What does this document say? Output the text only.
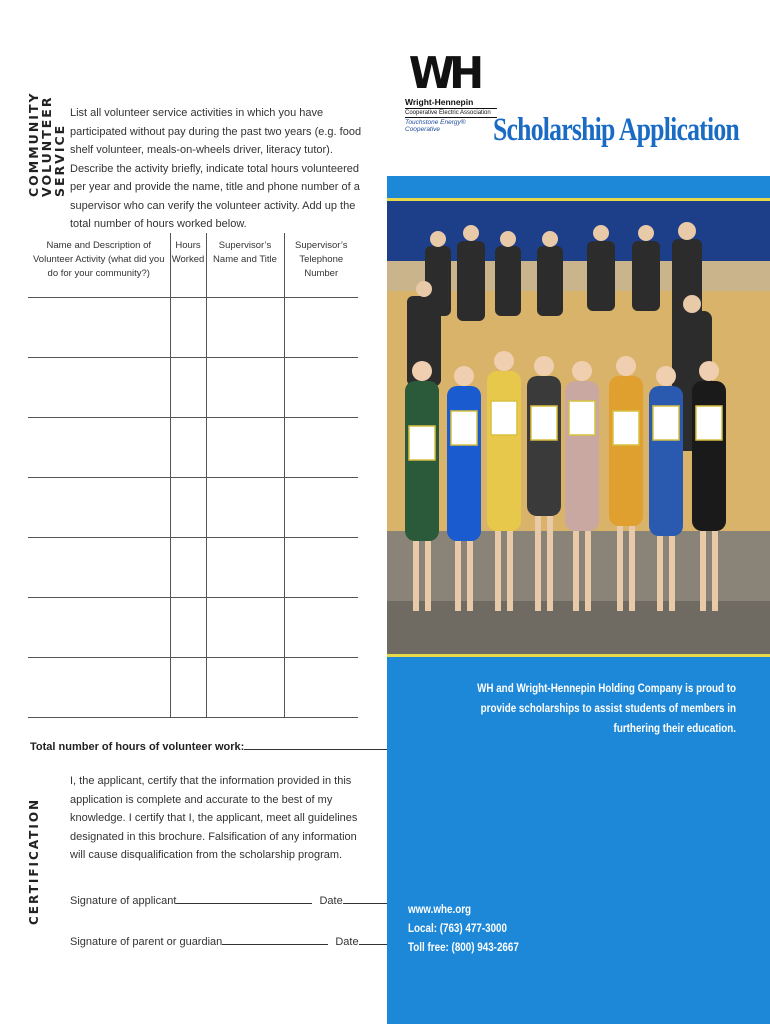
COMMUNITY
VOLUNTEER
SERVICE
List all volunteer service activities in which you have participated without pay during the past two years (e.g. food shelf volunteer, meals-on-wheels driver, literacy tutor). Describe the activity briefly, indicate total hours volunteered per year and provide the name, title and phone number of a supervisor who can verify the volunteer activity. Add up the total number of hours worked below.
Name and Description of Volunteer Activity (what did you do for your community?)	Hours Worked	Supervisor’s Name and Title	Supervisor’s Telephone Number

Total number of hours of volunteer work:
CERTIFICATION
I, the applicant, certify that the information provided in this application is complete and accurate to the best of my knowledge. I certify that I, the applicant, meet all guidelines designated in this brochure. Falsification of any information will cause disqualification from the scholarship program.
Signature of applicant	Date
Signature of parent or guardian	Date
WH
Wright-Hennepin
Cooperative Electric Association
Touchstone Energy® Cooperative	Scholarship Application
WH and Wright-Hennepin Holding Company is proud to provide scholarships to assist students of members in furthering their education.
www.whe.org
Local: (763) 477-3000
Toll free: (800) 943-2667
